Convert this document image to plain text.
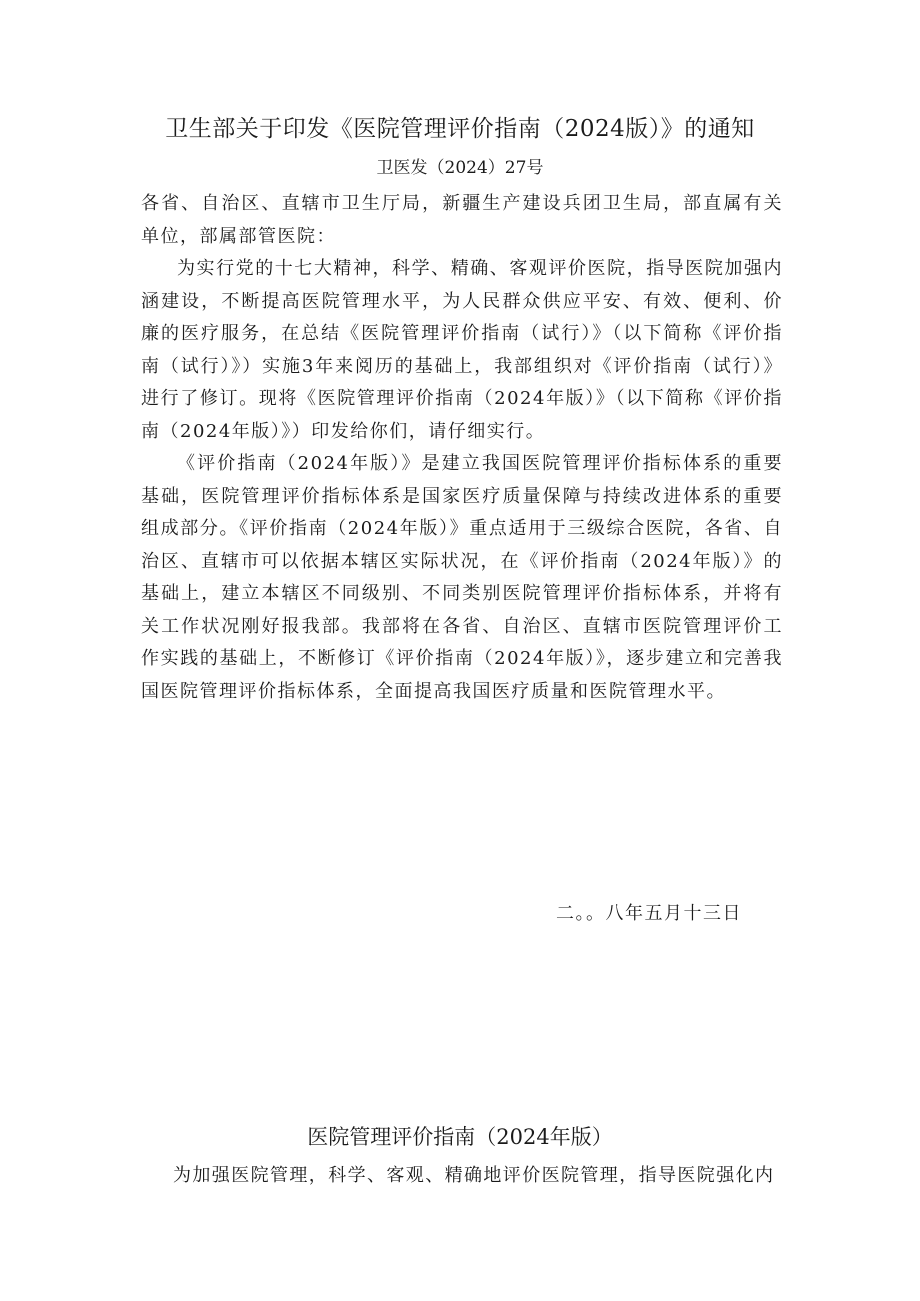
卫生部关于印发《医院管理评价指南（2024版）》的通知

卫医发（2024）27号

各省、自治区、直辖市卫生厅局，新疆生产建设兵团卫生局，部直属有关单位，部属部管医院：

为实行党的十七大精神，科学、精确、客观评价医院，指导医院加强内涵建设，不断提高医院管理水平，为人民群众供应平安、有效、便利、价廉的医疗服务，在总结《医院管理评价指南（试行）》（以下简称《评价指南（试行）》）实施3年来阅历的基础上，我部组织对《评价指南（试行）》进行了修订。现将《医院管理评价指南（2024年版）》（以下简称《评价指南（2024年版）》）印发给你们，请仔细实行。

《评价指南（2024年版）》是建立我国医院管理评价指标体系的重要基础，医院管理评价指标体系是国家医疗质量保障与持续改进体系的重要组成部分。《评价指南（2024年版）》重点适用于三级综合医院，各省、自治区、直辖市可以依据本辖区实际状况，在《评价指南（2024年版）》的基础上，建立本辖区不同级别、不同类别医院管理评价指标体系，并将有关工作状况刚好报我部。我部将在各省、自治区、直辖市医院管理评价工作实践的基础上，不断修订《评价指南（2024年版）》，逐步建立和完善我国医院管理评价指标体系，全面提高我国医疗质量和医院管理水平。

二。。八年五月十三日

医院管理评价指南（2024年版）

为加强医院管理，科学、客观、精确地评价医院管理，指导医院强化内
